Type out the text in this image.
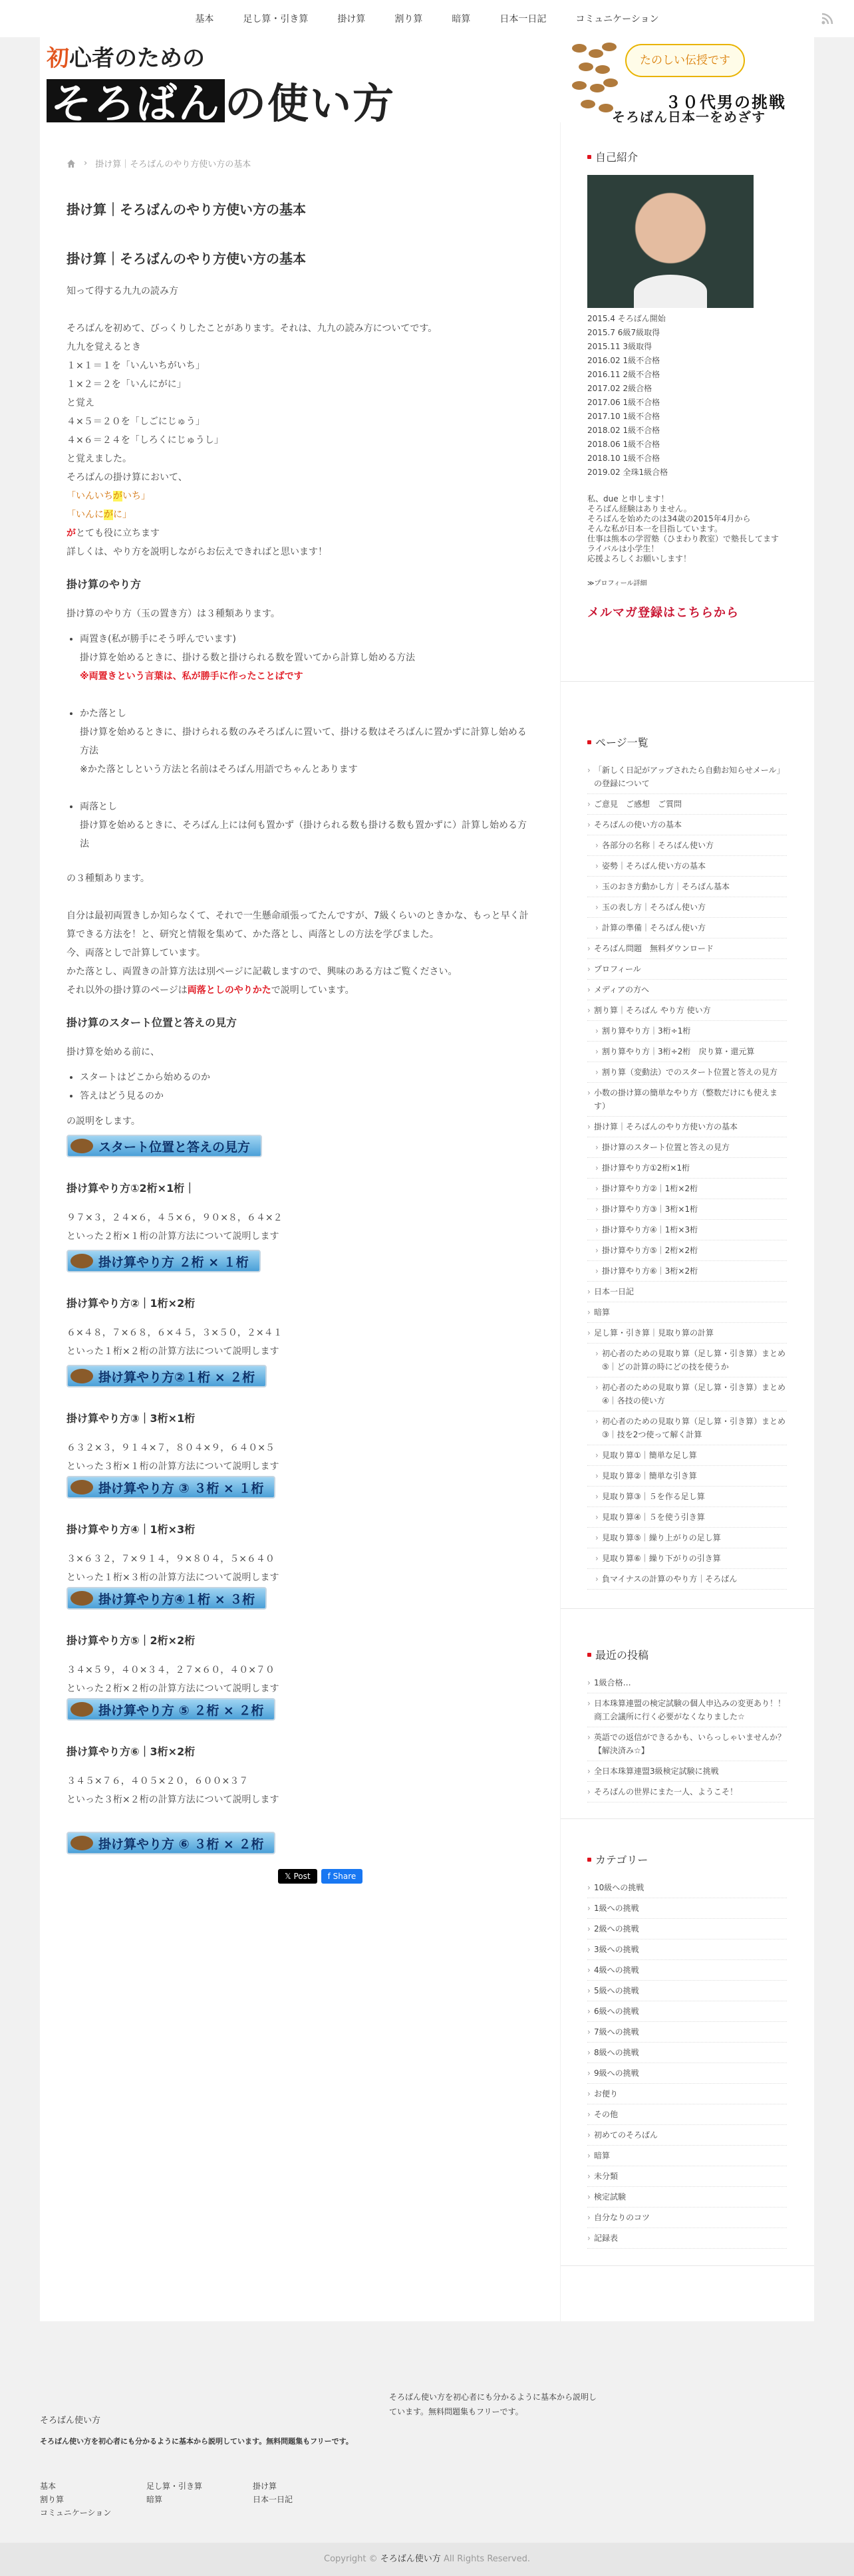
基本	足し算・引き算	掛け算	割り算	暗算	日本一日記	コミュニケーション
初心者のための
そろばんの使い方
たのしい伝授です
３０代男の挑戦
そろばん日本一をめざす
› 掛け算｜そろばんのやり方使い方の基本
掛け算｜そろばんのやり方使い方の基本
掛け算｜そろばんのやり方使い方の基本

知って得する九九の読み方

そろばんを初めて、びっくりしたことがあります。それは、九九の読み方についてです。

九九を覚えるとき

１×１＝１を「いんいちがいち」

１×２＝２を「いんにがに」

と覚え

４×５＝２０を「しごにじゅう」

４×６＝２４を「しろくにじゅうし」

と覚えました。

そろばんの掛け算において、

「いんいちがいち」

「いんにがに」

がとても役に立ちます

詳しくは、やり方を説明しながらお伝えできればと思います！

掛け算のやり方

掛け算のやり方（玉の置き方）は３種類あります。

• 両置き(私が勝手にそう呼んでいます)
掛け算を始めるときに、掛ける数と掛けられる数を置いてから計算し始める方法
※両置きという言葉は、私が勝手に作ったことばです
• かた落とし
掛け算を始めるときに、掛けられる数のみそろばんに置いて、掛ける数はそろばんに置かずに計算し始める方法
※かた落としという方法と名前はそろばん用語でちゃんとあります
• 両落とし
掛け算を始めるときに、そろばん上には何も置かず（掛けられる数も掛ける数も置かずに）計算し始める方法

の３種類あります。

自分は最初両置きしか知らなくて、それで一生懸命頑張ってたんですが、7級くらいのときかな、もっと早く計算できる方法を！と、研究と情報を集めて、かた落とし、両落としの方法を学びました。

今、両落としで計算しています。

かた落とし、両置きの計算方法は別ページに記載しますので、興味のある方はご覧ください。

それ以外の掛け算のページは両落としのやりかたで説明しています。

掛け算のスタート位置と答えの見方

掛け算を始める前に、

• スタートはどこから始めるのか
• 答えはどう見るのか

の説明をします。

スタート位置と答えの見方
掛け算やり方①2桁×1桁｜

９７×３，２４×６，４５×６，９０×８，６４×２

といった２桁×１桁の計算方法について説明します

掛け算やり方 ２桁 × １桁
掛け算やり方②｜1桁×2桁

６×４８，７×６８，６×４５，３×５０，２×４１

といった１桁×２桁の計算方法について説明します

掛け算やり方②１桁 × ２桁
掛け算やり方③｜3桁×1桁

６３２×３，９１４×７，８０４×９，６４０×５

といった３桁×１桁の計算方法について説明します

掛け算やり方 ③ ３桁 × １桁
掛け算やり方④｜1桁×3桁

３×６３２，７×９１４，９×８０４，５×６４０

といった１桁×３桁の計算方法について説明します

掛け算やり方④１桁 × ３桁
掛け算やり方⑤｜2桁×2桁

３４×５９，４０×３４，２７×６０，４０×７０

といった２桁×２桁の計算方法について説明します

掛け算やり方 ⑤ ２桁 × ２桁
掛け算やり方⑥｜3桁×2桁

３４５×７６，４０５×２０，６００×３７

といった３桁×２桁の計算方法について説明します

掛け算やり方 ⑥ ３桁 × ２桁
𝕏 Post	f Share
自己紹介
2015.4 そろばん開始
2015.7 6級7級取得
2015.11 3級取得
2016.02 1級不合格
2016.11 2級不合格
2017.02 2級合格
2017.06 1級不合格
2017.10 1級不合格
2018.02 1級不合格
2018.06 1級不合格
2018.10 1級不合格
2019.02 全珠1級合格
私、due と申します！
そろばん経験はありません。
そろばんを始めたのは34歳の2015年4月から
そんな私が日本一を目指しています。
仕事は熊本の学習塾（ひまわり教室）で塾長してます
ライバルは小学生！
応援よろしくお願いします！
≫プロフィール詳細
メルマガ登録はこちらから
ページ一覧
› 「新しく日記がアップされたら自動お知らせメール」の登録について
› ご意見　ご感想　ご質問
› そろばんの使い方の基本
› 各部分の名称｜そろばん使い方
› 姿勢｜そろばん使い方の基本
› 玉のおき方動かし方｜そろばん基本
› 玉の表し方｜そろばん使い方
› 計算の準備｜そろばん使い方
› そろばん問題　無料ダウンロード
› プロフィール
› メディアの方へ
› 割り算｜そろばん やり方 使い方
› 割り算やり方｜3桁÷1桁
› 割り算やり方｜3桁÷2桁　戻り算・還元算
› 割り算（変動法）でのスタート位置と答えの見方
› 小数の掛け算の簡単なやり方（整数だけにも使えます）
› 掛け算｜そろばんのやり方使い方の基本
› 掛け算のスタート位置と答えの見方
› 掛け算やり方①2桁×1桁
› 掛け算やり方②｜1桁×2桁
› 掛け算やり方③｜3桁×1桁
› 掛け算やり方④｜1桁×3桁
› 掛け算やり方⑤｜2桁×2桁
› 掛け算やり方⑥｜3桁×2桁
› 日本一日記
› 暗算
› 足し算・引き算｜見取り算の計算
› 初心者のための見取り算（足し算・引き算）まとめ⑤｜どの計算の時にどの技を使うか
› 初心者のための見取り算（足し算・引き算）まとめ④｜各技の使い方
› 初心者のための見取り算（足し算・引き算）まとめ③｜技を2つ使って解く計算
› 見取り算①｜簡単な足し算
› 見取り算②｜簡単な引き算
› 見取り算③｜５を作る足し算
› 見取り算④｜５を使う引き算
› 見取り算⑤｜繰り上がりの足し算
› 見取り算⑥｜繰り下がりの引き算
› 負マイナスの計算のやり方｜そろばん
最近の投稿
› 1級合格…
› 日本珠算連盟の検定試験の個人申込みの変更あり！！商工会議所に行く必要がなくなりました☆
› 英語での返信ができるかも、いらっしゃいませんか？【解決済み☆】
› 全日本珠算連盟3級検定試験に挑戦
› そろばんの世界にまた一人、ようこそ！
カテゴリー
› 10級への挑戦
› 1級への挑戦
› 2級への挑戦
› 3級への挑戦
› 4級への挑戦
› 5級への挑戦
› 6級への挑戦
› 7級への挑戦
› 8級への挑戦
› 9級への挑戦
› お便り
› その他
› 初めてのそろばん
› 暗算
› 未分類
› 検定試験
› 自分なりのコツ
› 記録表
そろばん使い方
そろばん使い方を初心者にも分かるように基本から説明しています。無料問題集もフリーです。
そろばん使い方を初心者にも分かるように基本から説明しています。無料問題集もフリーです。
基本	足し算・引き算	掛け算
割り算	暗算	日本一日記
コミュニケーション
Copyright © そろばん使い方 All Rights Reserved.
